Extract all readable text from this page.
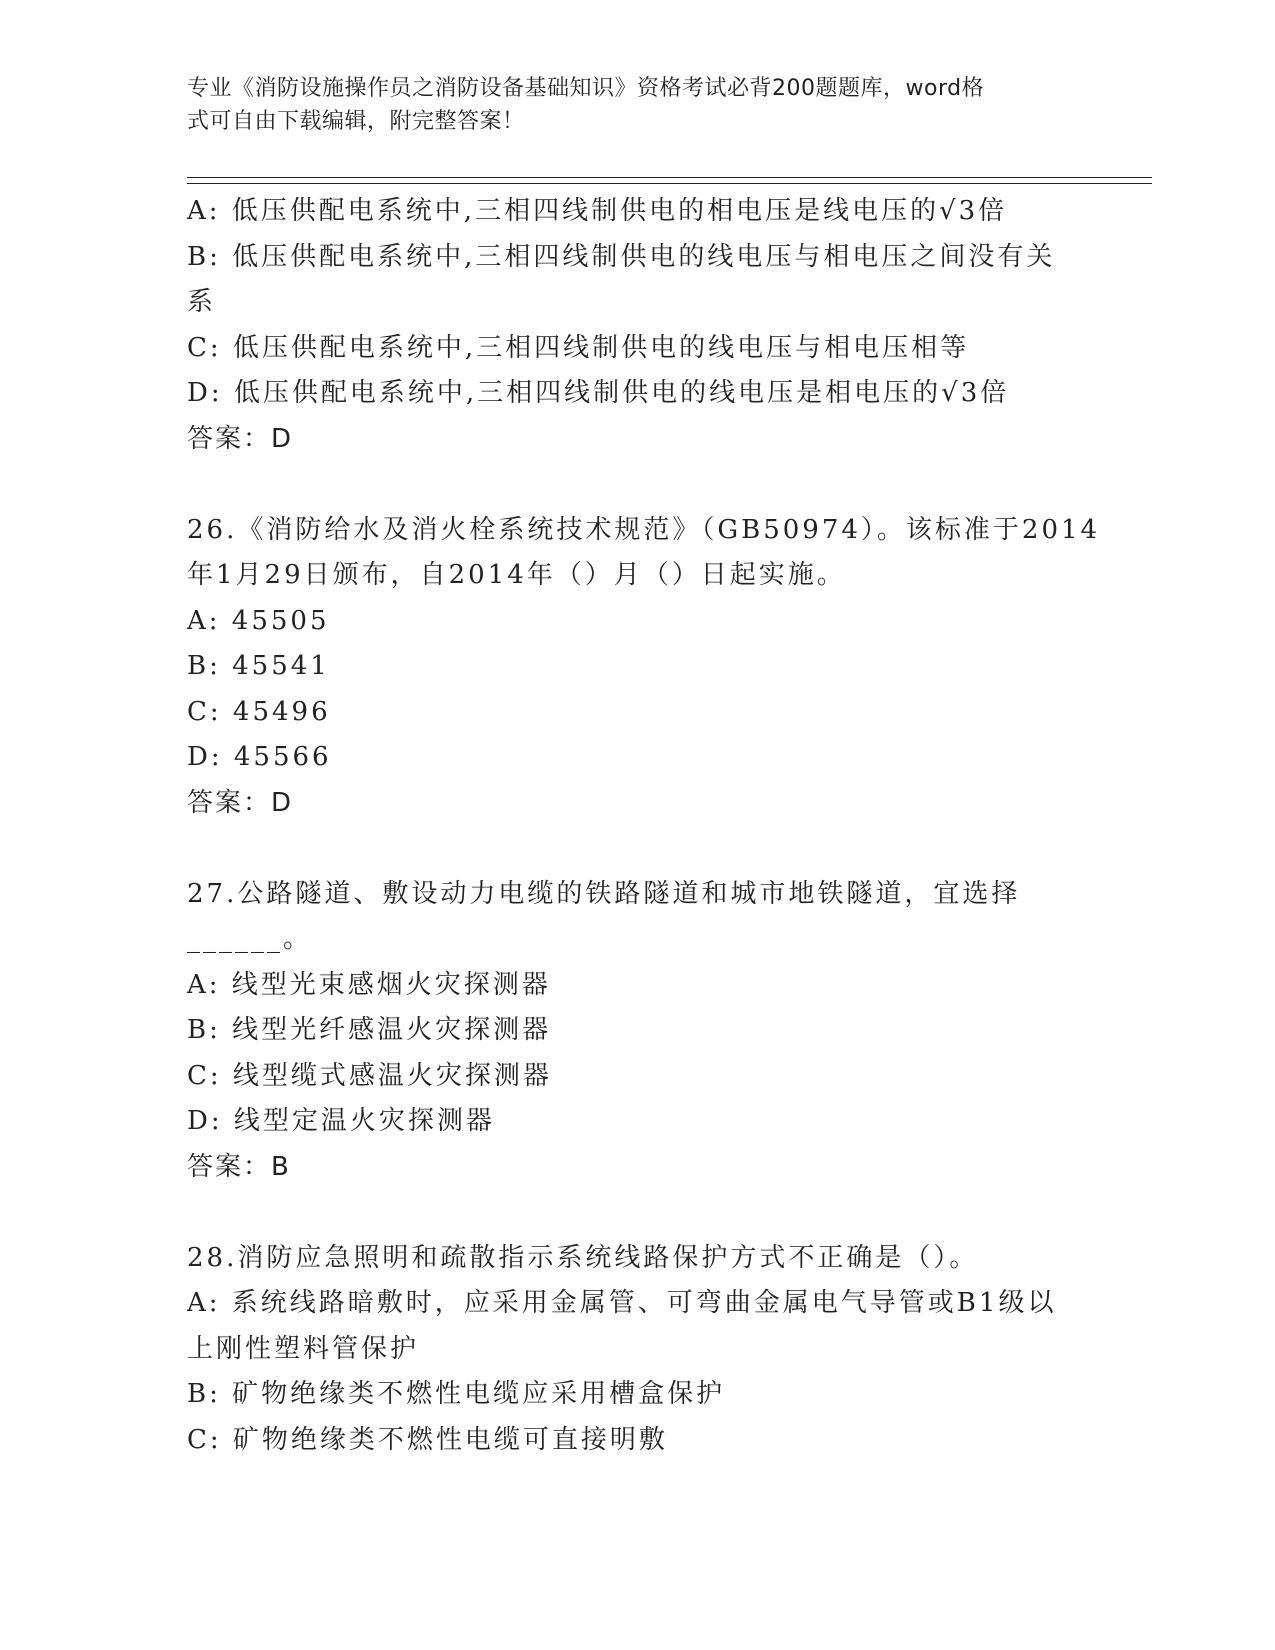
专业《消防设施操作员之消防设备基础知识》资格考试必背200题题库，word格
式可自由下载编辑，附完整答案！
A: 低压供配电系统中,三相四线制供电的相电压是线电压的√3倍
B: 低压供配电系统中,三相四线制供电的线电压与相电压之间没有关
系
C: 低压供配电系统中,三相四线制供电的线电压与相电压相等
D: 低压供配电系统中,三相四线制供电的线电压是相电压的√3倍
答案：D
26.《消防给水及消火栓系统技术规范》（GB50974）。该标准于2014
年1月29日颁布，自2014年（）月（）日起实施。
A: 45505
B: 45541
C: 45496
D: 45566
答案：D
27.公路隧道、敷设动力电缆的铁路隧道和城市地铁隧道，宜选择
______。
A: 线型光束感烟火灾探测器
B: 线型光纤感温火灾探测器
C: 线型缆式感温火灾探测器
D: 线型定温火灾探测器
答案：B
28.消防应急照明和疏散指示系统线路保护方式不正确是（）。
A: 系统线路暗敷时，应采用金属管、可弯曲金属电气导管或B1级以
上刚性塑料管保护
B: 矿物绝缘类不燃性电缆应采用槽盒保护
C: 矿物绝缘类不燃性电缆可直接明敷
